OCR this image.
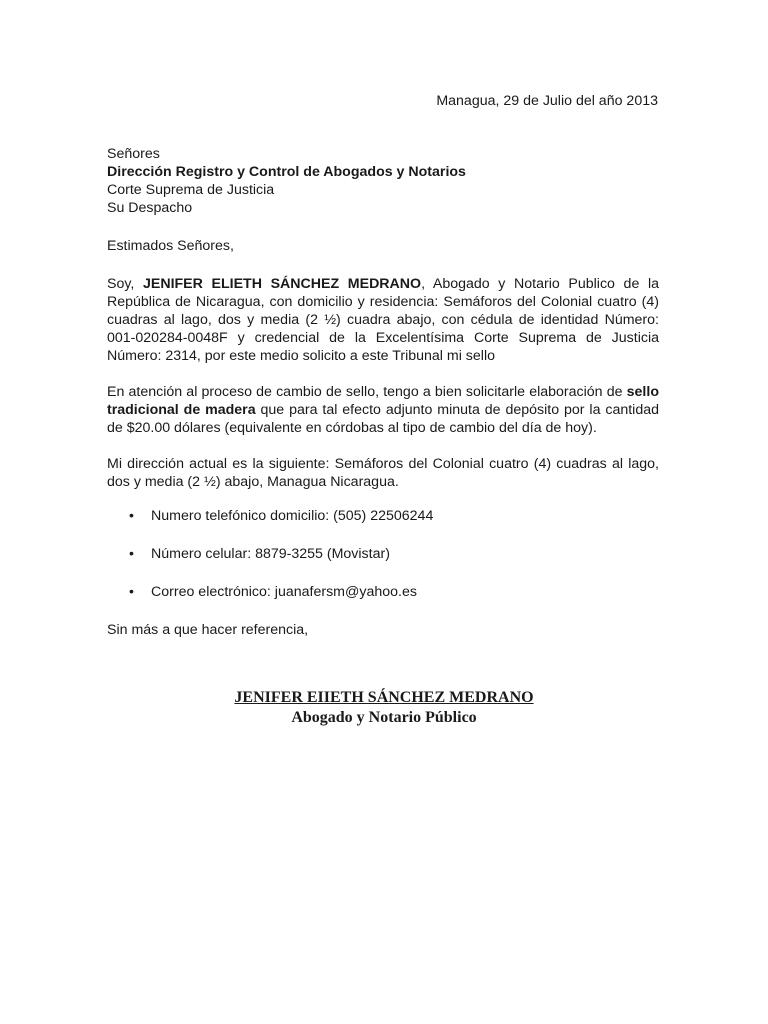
Managua, 29 de Julio del año 2013
Señores
Dirección Registro y Control de Abogados y Notarios
Corte Suprema de Justicia
Su Despacho

Estimados Señores,

Soy, JENIFER ELIETH SÁNCHEZ MEDRANO, Abogado y Notario Publico de la República de Nicaragua, con domicilio y residencia: Semáforos del Colonial cuatro (4) cuadras al lago, dos y media (2 ½) cuadra abajo, con cédula de identidad Número: 001-020284-0048F y credencial de la Excelentísima Corte Suprema de Justicia Número: 2314, por este medio solicito a este Tribunal mi sello

En atención al proceso de cambio de sello, tengo a bien solicitarle elaboración de sello tradicional de madera que para tal efecto adjunto minuta de depósito por la cantidad de $20.00 dólares (equivalente en córdobas al tipo de cambio del día de hoy).

Mi dirección actual es la siguiente: Semáforos del Colonial cuatro (4) cuadras al lago, dos y media (2 ½) abajo, Managua Nicaragua.

• Numero telefónico domicilio: (505) 22506244
• Número celular: 8879-3255 (Movistar)
• Correo electrónico: juanafersm@yahoo.es

Sin más a que hacer referencia,

JENIFER EIIETH SÁNCHEZ MEDRANO
Abogado y Notario Público
